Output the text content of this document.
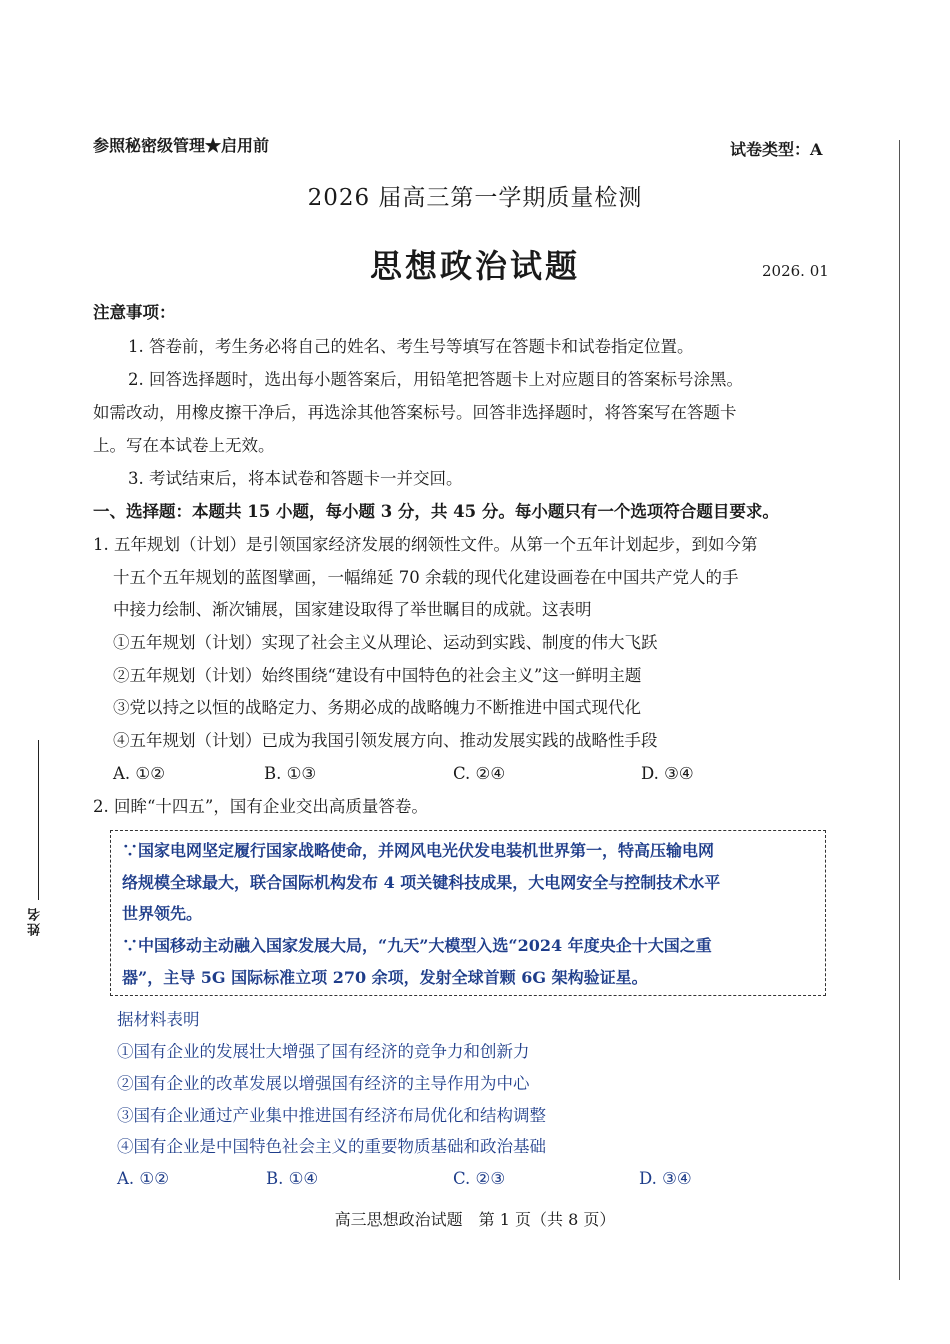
姓名
参照秘密级管理★启用前	试卷类型：A
2026 届高三第一学期质量检测
思想政治试题	2026. 01
注意事项：
1. 答卷前，考生务必将自己的姓名、考生号等填写在答题卡和试卷指定位置。
2. 回答选择题时，选出每小题答案后，用铅笔把答题卡上对应题目的答案标号涂黑。
如需改动，用橡皮擦干净后，再选涂其他答案标号。回答非选择题时，将答案写在答题卡
上。写在本试卷上无效。
3. 考试结束后，将本试卷和答题卡一并交回。
一、选择题：本题共 15 小题，每小题 3 分，共 45 分。每小题只有一个选项符合题目要求。
1. 五年规划（计划）是引领国家经济发展的纲领性文件。从第一个五年计划起步，到如今第
十五个五年规划的蓝图擘画，一幅绵延 70 余载的现代化建设画卷在中国共产党人的手
中接力绘制、渐次铺展，国家建设取得了举世瞩目的成就。这表明
①五年规划（计划）实现了社会主义从理论、运动到实践、制度的伟大飞跃
②五年规划（计划）始终围绕“建设有中国特色的社会主义”这一鲜明主题
③党以持之以恒的战略定力、务期必成的战略魄力不断推进中国式现代化
④五年规划（计划）已成为我国引领发展方向、推动发展实践的战略性手段
A. ①②	B. ①③	C. ②④	D. ③④
2. 回眸“十四五”，国有企业交出高质量答卷。
∵国家电网坚定履行国家战略使命，并网风电光伏发电装机世界第一，特高压输电网
络规模全球最大，联合国际机构发布 4 项关键科技成果，大电网安全与控制技术水平
世界领先。
∵中国移动主动融入国家发展大局，“九天”大模型入选“2024 年度央企十大国之重
器”，主导 5G 国际标准立项 270 余项，发射全球首颗 6G 架构验证星。
据材料表明
①国有企业的发展壮大增强了国有经济的竞争力和创新力
②国有企业的改革发展以增强国有经济的主导作用为中心
③国有企业通过产业集中推进国有经济布局优化和结构调整
④国有企业是中国特色社会主义的重要物质基础和政治基础
A. ①②	B. ①④	C. ②③	D. ③④
高三思想政治试题　第 1 页（共 8 页）
